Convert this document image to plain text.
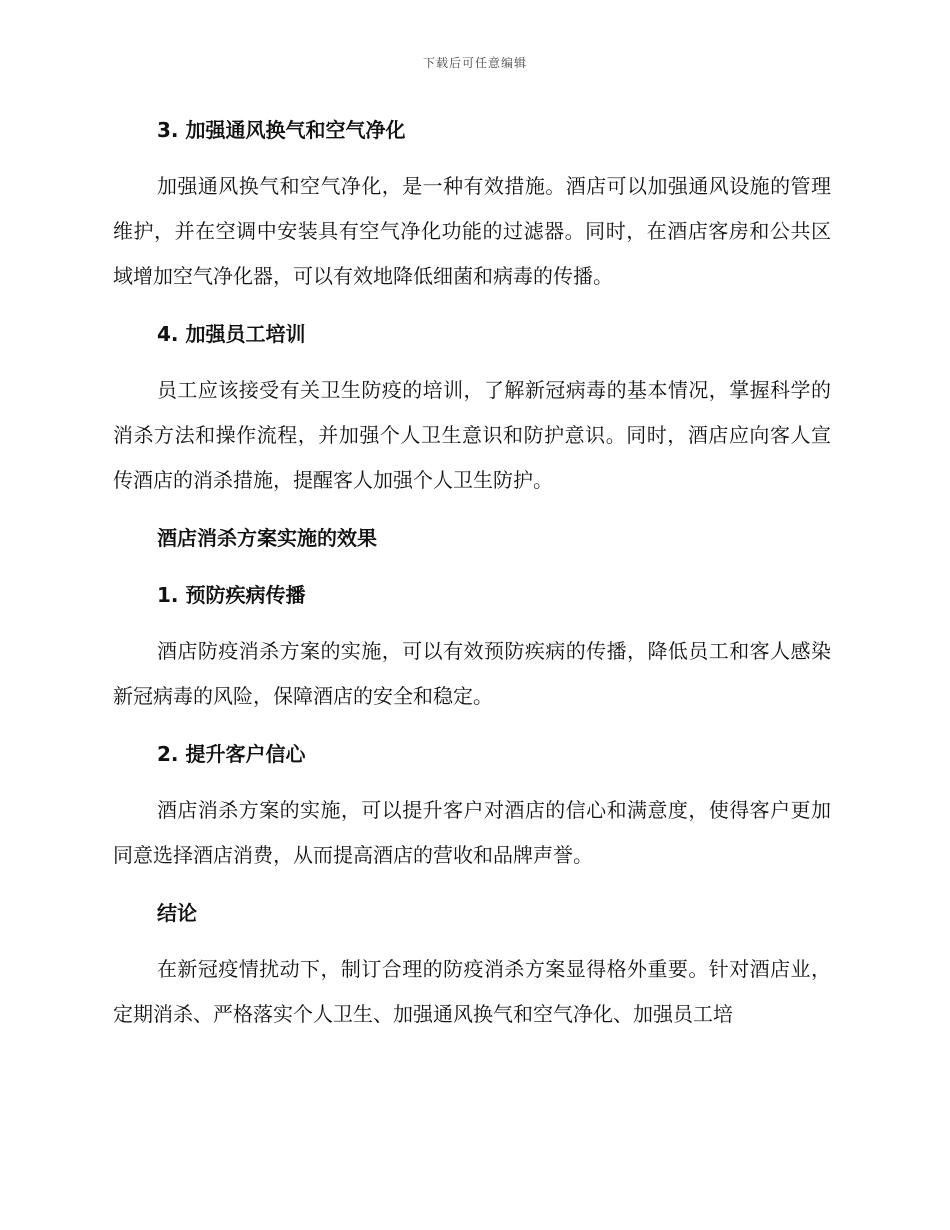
下载后可任意编辑
3. 加强通风换气和空气净化

加强通风换气和空气净化，是一种有效措施。酒店可以加强通风设施的管理维护，并在空调中安装具有空气净化功能的过滤器。同时，在酒店客房和公共区域增加空气净化器，可以有效地降低细菌和病毒的传播。

4. 加强员工培训

员工应该接受有关卫生防疫的培训，了解新冠病毒的基本情况，掌握科学的消杀方法和操作流程，并加强个人卫生意识和防护意识。同时，酒店应向客人宣传酒店的消杀措施，提醒客人加强个人卫生防护。

酒店消杀方案实施的效果
1. 预防疾病传播

酒店防疫消杀方案的实施，可以有效预防疾病的传播，降低员工和客人感染新冠病毒的风险，保障酒店的安全和稳定。

2. 提升客户信心

酒店消杀方案的实施，可以提升客户对酒店的信心和满意度，使得客户更加同意选择酒店消费，从而提高酒店的营收和品牌声誉。

结论

在新冠疫情扰动下，制订合理的防疫消杀方案显得格外重要。针对酒店业，定期消杀、严格落实个人卫生、加强通风换气和空气净化、加强员工培
